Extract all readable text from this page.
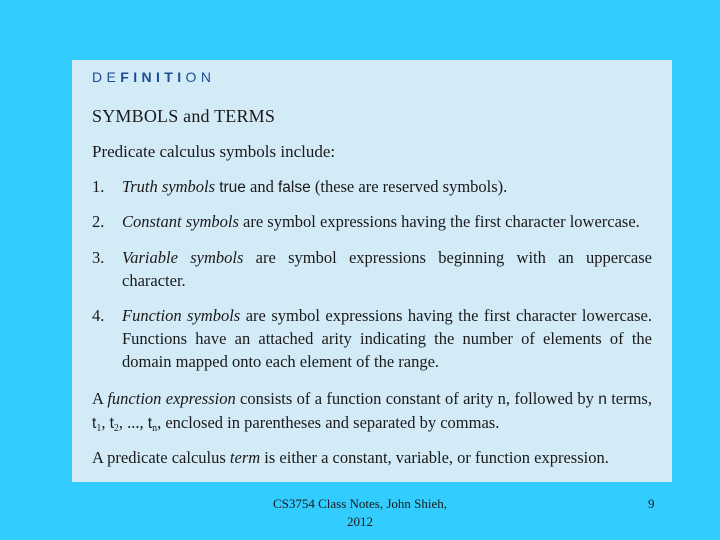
DEFINITION
SYMBOLS and TERMS
Predicate calculus symbols include:
1. Truth symbols true and false (these are reserved symbols).
2. Constant symbols are symbol expressions having the first character lowercase.
3. Variable symbols are symbol expressions beginning with an uppercase character.
4. Function symbols are symbol expressions having the first character lowercase. Functions have an attached arity indicating the number of elements of the domain mapped onto each element of the range.
A function expression consists of a function constant of arity n, followed by n terms, $t_1$, $t_2$, ..., $t_n$, enclosed in parentheses and separated by commas.
A predicate calculus term is either a constant, variable, or function expression.
CS3754 Class Notes, John Shieh,
2012
9
